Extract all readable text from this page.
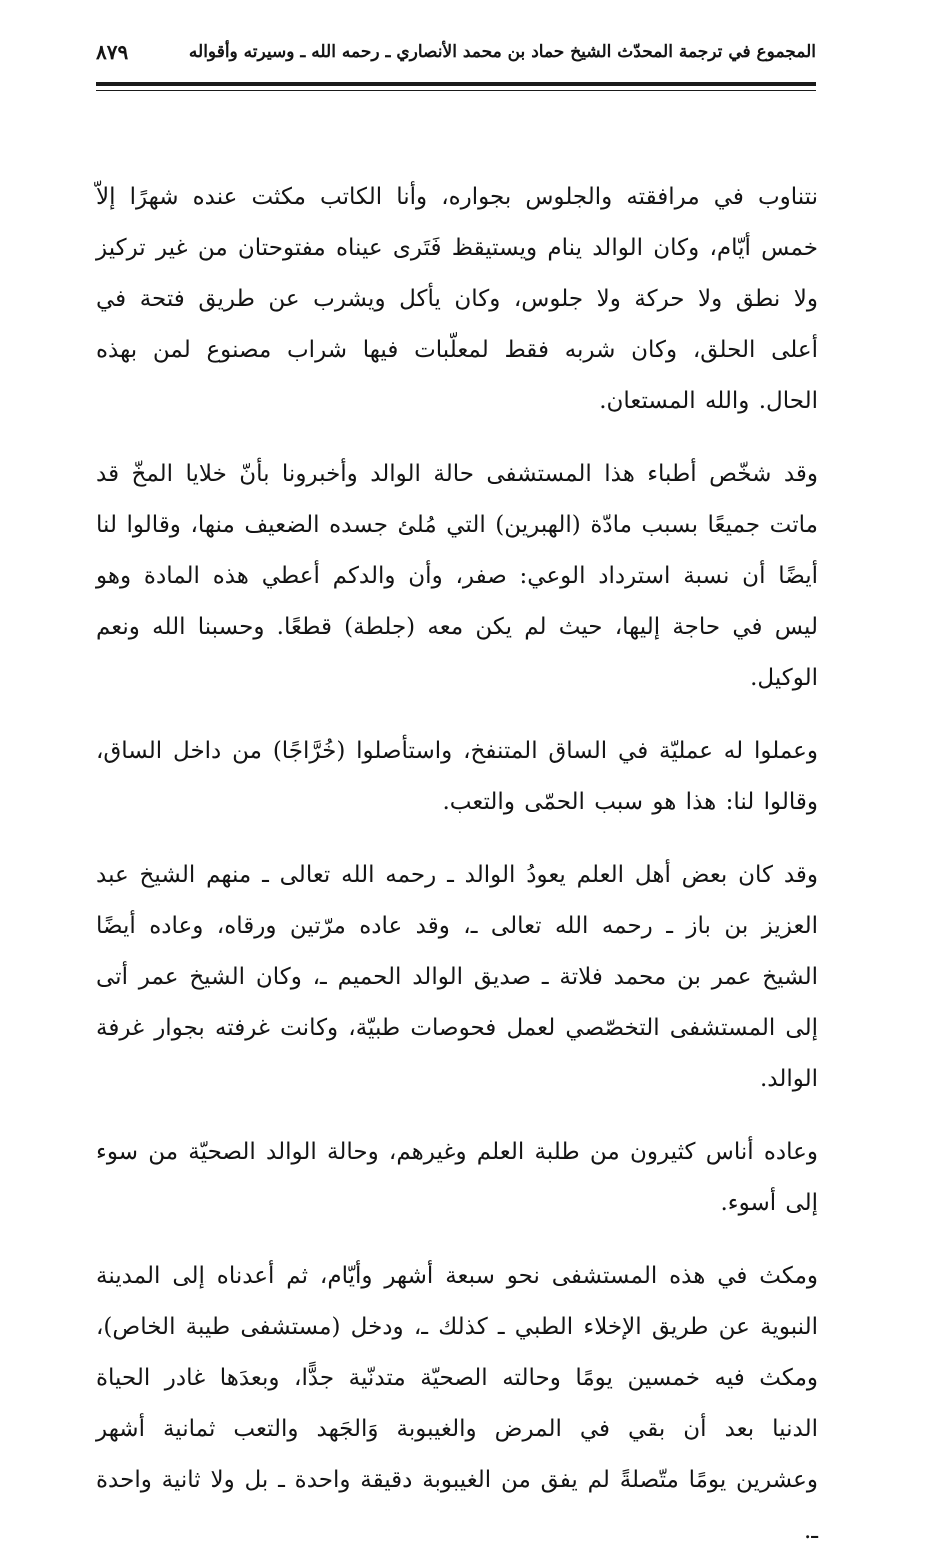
المجموع في ترجمة المحدّث الشيخ حماد بن محمد الأنصاري ـ رحمه الله ـ وسيرته وأقواله
٨٧٩

نتناوب في مرافقته والجلوس بجواره، وأنا الكاتب مكثت عنده شهرًا إلاّ خمس أيّام، وكان الوالد ينام ويستيقظ فَتَرى عيناه مفتوحتان من غير تركيز ولا نطق ولا حركة ولا جلوس، وكان يأكل ويشرب عن طريق فتحة في أعلى الحلق، وكان شربه فقط لمعلّبات فيها شراب مصنوع لمن بهذه الحال. والله المستعان.

وقد شخّص أطباء هذا المستشفى حالة الوالد وأخبرونا بأنّ خلايا المخّ قد ماتت جميعًا بسبب مادّة (الهبرين) التي مُلئ جسده الضعيف منها، وقالوا لنا أيضًا أن نسبة استرداد الوعي: صفر، وأن والدكم أعطي هذه المادة وهو ليس في حاجة إليها، حيث لم يكن معه (جلطة) قطعًا. وحسبنا الله ونعم الوكيل.

وعملوا له عمليّة في الساق المتنفخ، واستأصلوا (خُرَّاجًا) من داخل الساق، وقالوا لنا: هذا هو سبب الحمّى والتعب.

وقد كان بعض أهل العلم يعودُ الوالد ـ رحمه الله تعالى ـ منهم الشيخ عبد العزيز بن باز ـ رحمه الله تعالى ـ، وقد عاده مرّتين ورقاه، وعاده أيضًا الشيخ عمر بن محمد فلاتة ـ صديق الوالد الحميم ـ، وكان الشيخ عمر أتى إلى المستشفى التخصّصي لعمل فحوصات طبيّة، وكانت غرفته بجوار غرفة الوالد.

وعاده أناس كثيرون من طلبة العلم وغيرهم، وحالة الوالد الصحيّة من سوء إلى أسوء.

ومكث في هذه المستشفى نحو سبعة أشهر وأيّام، ثم أعدناه إلى المدينة النبوية عن طريق الإخلاء الطبي ـ كذلك ـ، ودخل (مستشفى طيبة الخاص)، ومكث فيه خمسين يومًا وحالته الصحيّة متدنّية جدًّا، وبعدَها غادر الحياة الدنيا بعد أن بقي في المرض والغيبوبة وَالجَهد والتعب ثمانية أشهر وعشرين يومًا متّصلةً لم يفق من الغيبوبة دقيقة واحدة ـ بل ولا ثانية واحدة ـ.
